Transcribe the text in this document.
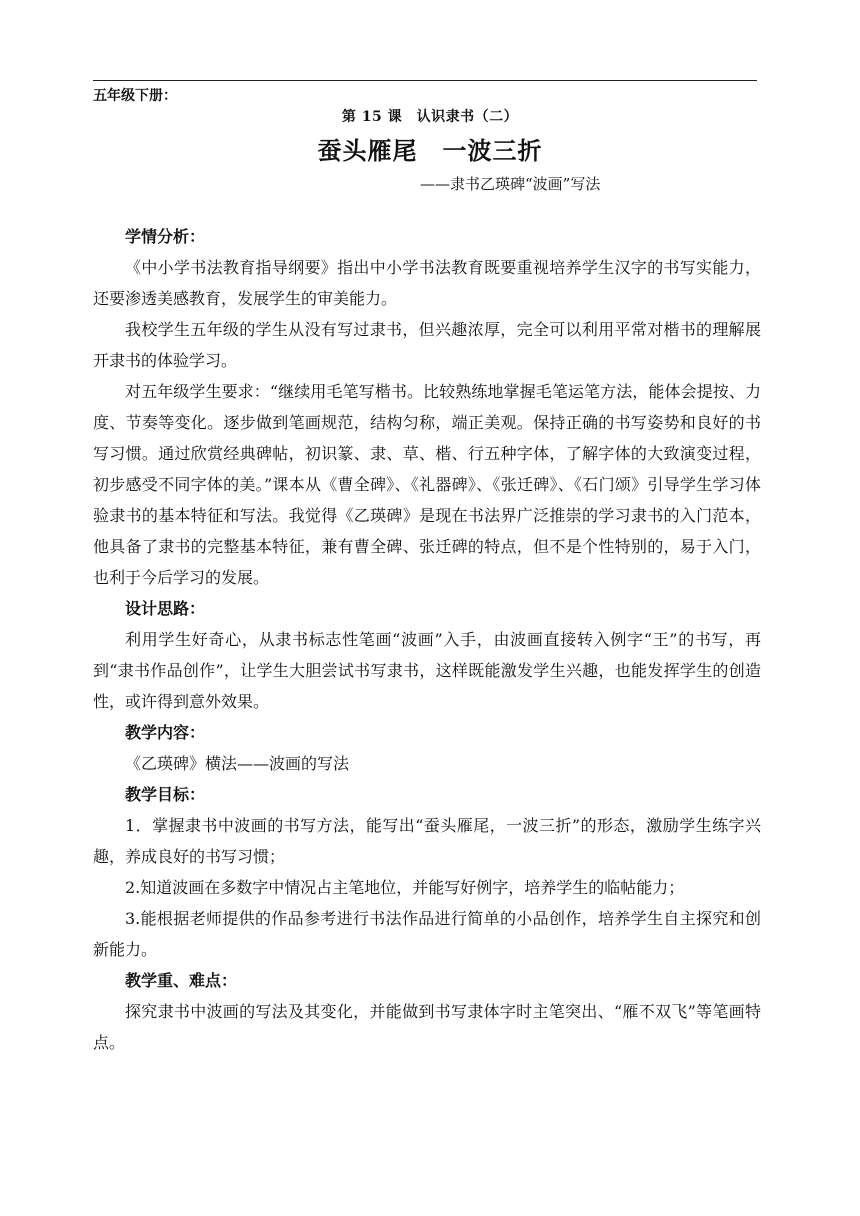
五年级下册：

第 15 课　认识隶书（二）

蚕头雁尾　一波三折

——隶书乙瑛碑“波画”写法

学情分析：

《中小学书法教育指导纲要》指出中小学书法教育既要重视培养学生汉字的书写实能力，还要渗透美感教育，发展学生的审美能力。

我校学生五年级的学生从没有写过隶书，但兴趣浓厚，完全可以利用平常对楷书的理解展开隶书的体验学习。

对五年级学生要求：“继续用毛笔写楷书。比较熟练地掌握毛笔运笔方法，能体会提按、力度、节奏等变化。逐步做到笔画规范，结构匀称，端正美观。保持正确的书写姿势和良好的书写习惯。通过欣赏经典碑帖，初识篆、隶、草、楷、行五种字体，了解字体的大致演变过程，初步感受不同字体的美。”课本从《曹全碑》、《礼器碑》、《张迁碑》、《石门颂》引导学生学习体验隶书的基本特征和写法。我觉得《乙瑛碑》是现在书法界广泛推崇的学习隶书的入门范本，他具备了隶书的完整基本特征，兼有曹全碑、张迁碑的特点，但不是个性特别的，易于入门，也利于今后学习的发展。

设计思路：

利用学生好奇心，从隶书标志性笔画“波画”入手，由波画直接转入例字“王”的书写，再到“隶书作品创作”，让学生大胆尝试书写隶书，这样既能激发学生兴趣，也能发挥学生的创造性，或许得到意外效果。

教学内容：

《乙瑛碑》横法——波画的写法

教学目标：

1．掌握隶书中波画的书写方法，能写出“蚕头雁尾，一波三折”的形态，激励学生练字兴趣，养成良好的书写习惯；

2.知道波画在多数字中情况占主笔地位，并能写好例字，培养学生的临帖能力；

3.能根据老师提供的作品参考进行书法作品进行简单的小品创作，培养学生自主探究和创新能力。

教学重、难点：

探究隶书中波画的写法及其变化，并能做到书写隶体字时主笔突出、“雁不双飞”等笔画特点。
